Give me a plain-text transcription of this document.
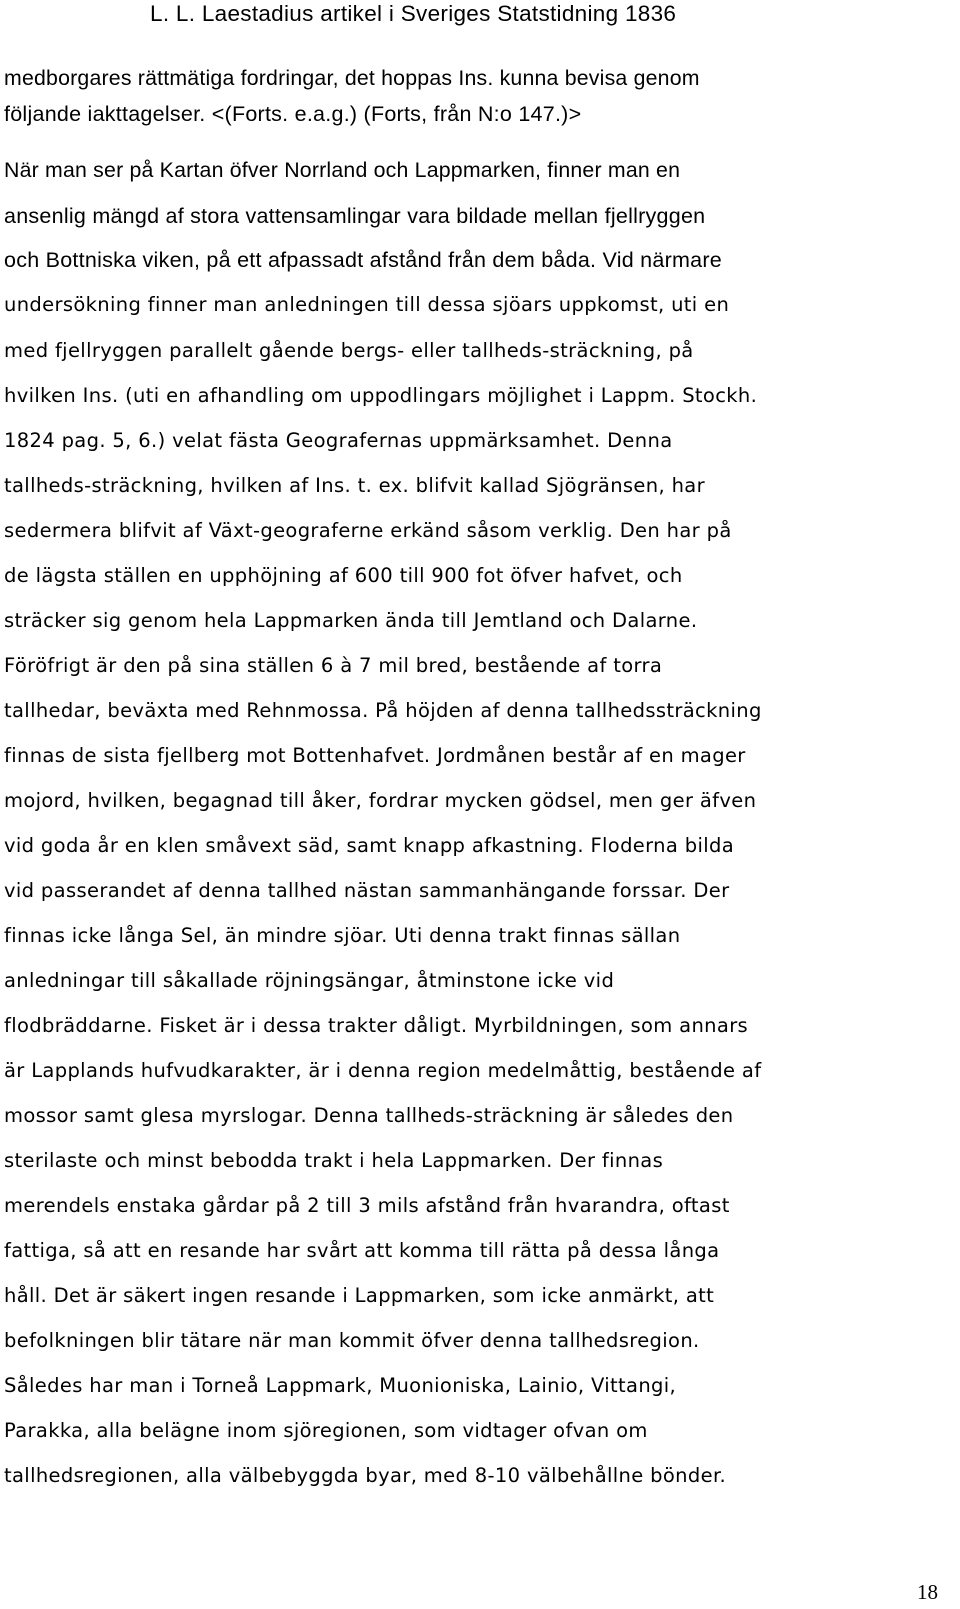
L. L. Laestadius artikel i Sveriges Statstidning 1836
medborgares rättmätiga fordringar, det hoppas Ins. kunna bevisa genom
följande iakttagelser. <(Forts. e.a.g.) (Forts, från N:o 147.)>
När man ser på Kartan öfver Norrland och Lappmarken, finner man en
ansenlig mängd af stora vattensamlingar vara bildade mellan fjellryggen
och Bottniska viken, på ett afpassadt afstånd från dem båda. Vid närmare
undersökning finner man anledningen till dessa sjöars uppkomst, uti en
med fjellryggen parallelt gående bergs- eller tallheds-sträckning, på
hvilken Ins. (uti en afhandling om uppodlingars möjlighet i Lappm. Stockh.
1824 pag. 5, 6.) velat fästa Geografernas uppmärksamhet. Denna
tallheds-sträckning, hvilken af Ins. t. ex. blifvit kallad Sjögränsen, har
sedermera blifvit af Växt-geograferne erkänd såsom verklig. Den har på
de lägsta ställen en upphöjning af 600 till 900 fot öfver hafvet, och
sträcker sig genom hela Lappmarken ända till Jemtland och Dalarne.
Föröfrigt är den på sina ställen 6 à 7 mil bred, bestående af torra
tallhedar, beväxta med Rehnmossa. På höjden af denna tallhedssträckning
finnas de sista fjellberg mot Bottenhafvet. Jordmånen består af en mager
mojord, hvilken, begagnad till åker, fordrar mycken gödsel, men ger äfven
vid goda år en klen småvext säd, samt knapp afkastning. Floderna bilda
vid passerandet af denna tallhed nästan sammanhängande forssar. Der
finnas icke långa Sel, än mindre sjöar. Uti denna trakt finnas sällan
anledningar till såkallade röjningsängar, åtminstone icke vid
flodbräddarne. Fisket är i dessa trakter dåligt. Myrbildningen, som annars
är Lapplands hufvudkarakter, är i denna region medelmåttig, bestående af
mossor samt glesa myrslogar. Denna tallheds-sträckning är således den
sterilaste och minst bebodda trakt i hela Lappmarken. Der finnas
merendels enstaka gårdar på 2 till 3 mils afstånd från hvarandra, oftast
fattiga, så att en resande har svårt att komma till rätta på dessa långa
håll. Det är säkert ingen resande i Lappmarken, som icke anmärkt, att
befolkningen blir tätare när man kommit öfver denna tallhedsregion.
Således har man i Torneå Lappmark, Muonioniska, Lainio, Vittangi,
Parakka, alla belägne inom sjöregionen, som vidtager ofvan om
tallhedsregionen, alla välbebyggda byar, med 8-10 välbehållne bönder.
18
